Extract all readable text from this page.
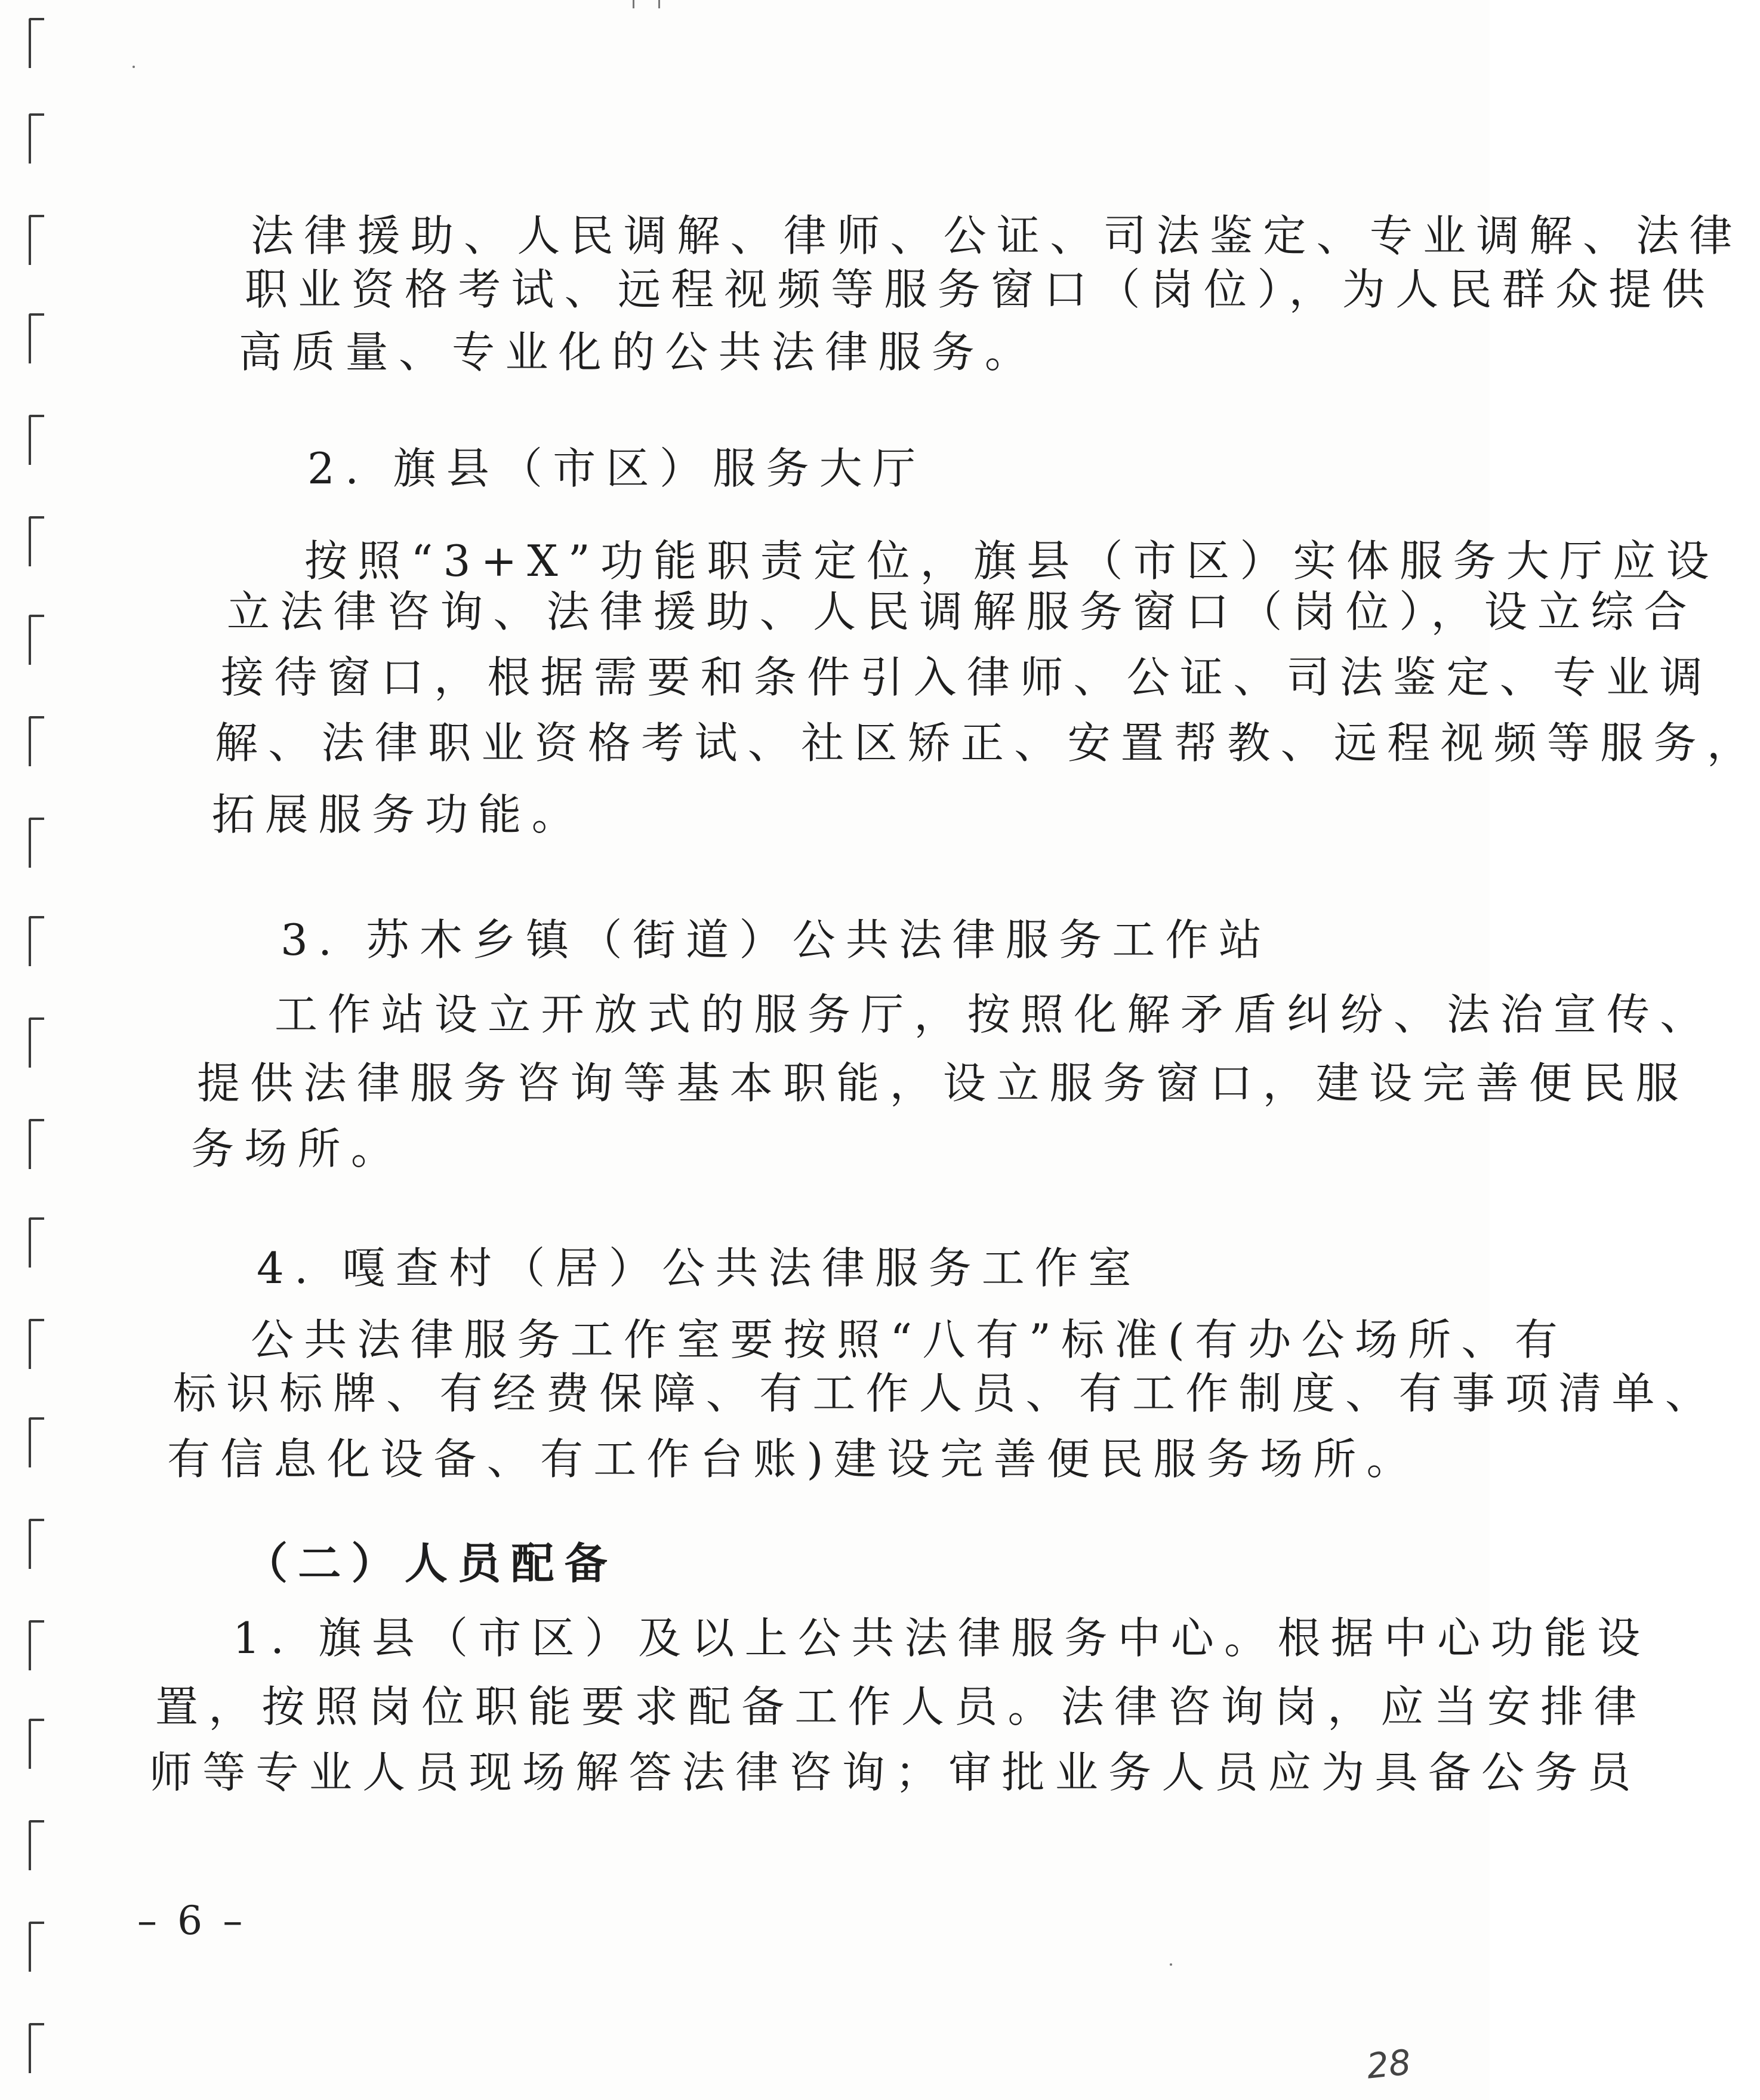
法律援助、人民调解、律师、公证、司法鉴定、专业调解、法律
职业资格考试、远程视频等服务窗口（岗位），为人民群众提供
高质量、专业化的公共法律服务。
2. 旗县（市区）服务大厅
按照“3+X”功能职责定位，旗县（市区）实体服务大厅应设
立法律咨询、法律援助、人民调解服务窗口（岗位），设立综合
接待窗口，根据需要和条件引入律师、公证、司法鉴定、专业调
解、法律职业资格考试、社区矫正、安置帮教、远程视频等服务，
拓展服务功能。
3. 苏木乡镇（街道）公共法律服务工作站
工作站设立开放式的服务厅，按照化解矛盾纠纷、法治宣传、
提供法律服务咨询等基本职能，设立服务窗口，建设完善便民服
务场所。
4. 嘎查村（居）公共法律服务工作室
公共法律服务工作室要按照“八有”标准(有办公场所、有
标识标牌、有经费保障、有工作人员、有工作制度、有事项清单、
有信息化设备、有工作台账)建设完善便民服务场所。
（二）人员配备
1. 旗县（市区）及以上公共法律服务中心。根据中心功能设
置，按照岗位职能要求配备工作人员。法律咨询岗，应当安排律
师等专业人员现场解答法律咨询；审批业务人员应为具备公务员
– 6 –
28
